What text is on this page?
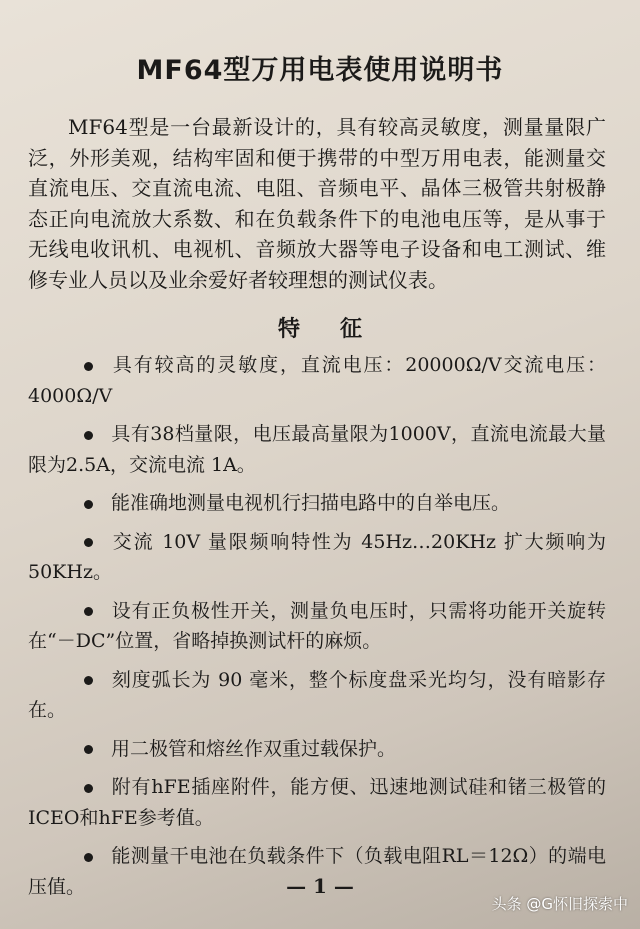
MF64型万用电表使用说明书

MF64型是一台最新设计的，具有较高灵敏度，测量量限广泛，外形美观，结构牢固和便于携带的中型万用电表，能测量交直流电压、交直流电流、电阻、音频电平、晶体三极管共射极静态正向电流放大系数、和在负载条件下的电池电压等，是从事于无线电收讯机、电视机、音频放大器等电子设备和电工测试、维修专业人员以及业余爱好者较理想的测试仪表。

特征
具有较高的灵敏度，直流电压：20000Ω/V交流电压：4000Ω/V
具有38档量限，电压最高量限为1000V，直流电流最大量限为2.5A，交流电流 1A。
能准确地测量电视机行扫描电路中的自举电压。
交流 10V 量限频响特性为 45Hz…20KHz 扩大频响为50KHz。
设有正负极性开关，测量负电压时，只需将功能开关旋转在“－DC”位置，省略掉换测试杆的麻烦。
刻度弧长为 90 毫米，整个标度盘采光均匀，没有暗影存在。
用二极管和熔丝作双重过载保护。
附有hFE插座附件，能方便、迅速地测试硅和锗三极管的ICEO和hFE参考值。
能测量干电池在负载条件下（负载电阻RL＝12Ω）的端电压值。	— 1 —
头条 @G怀旧探索中
